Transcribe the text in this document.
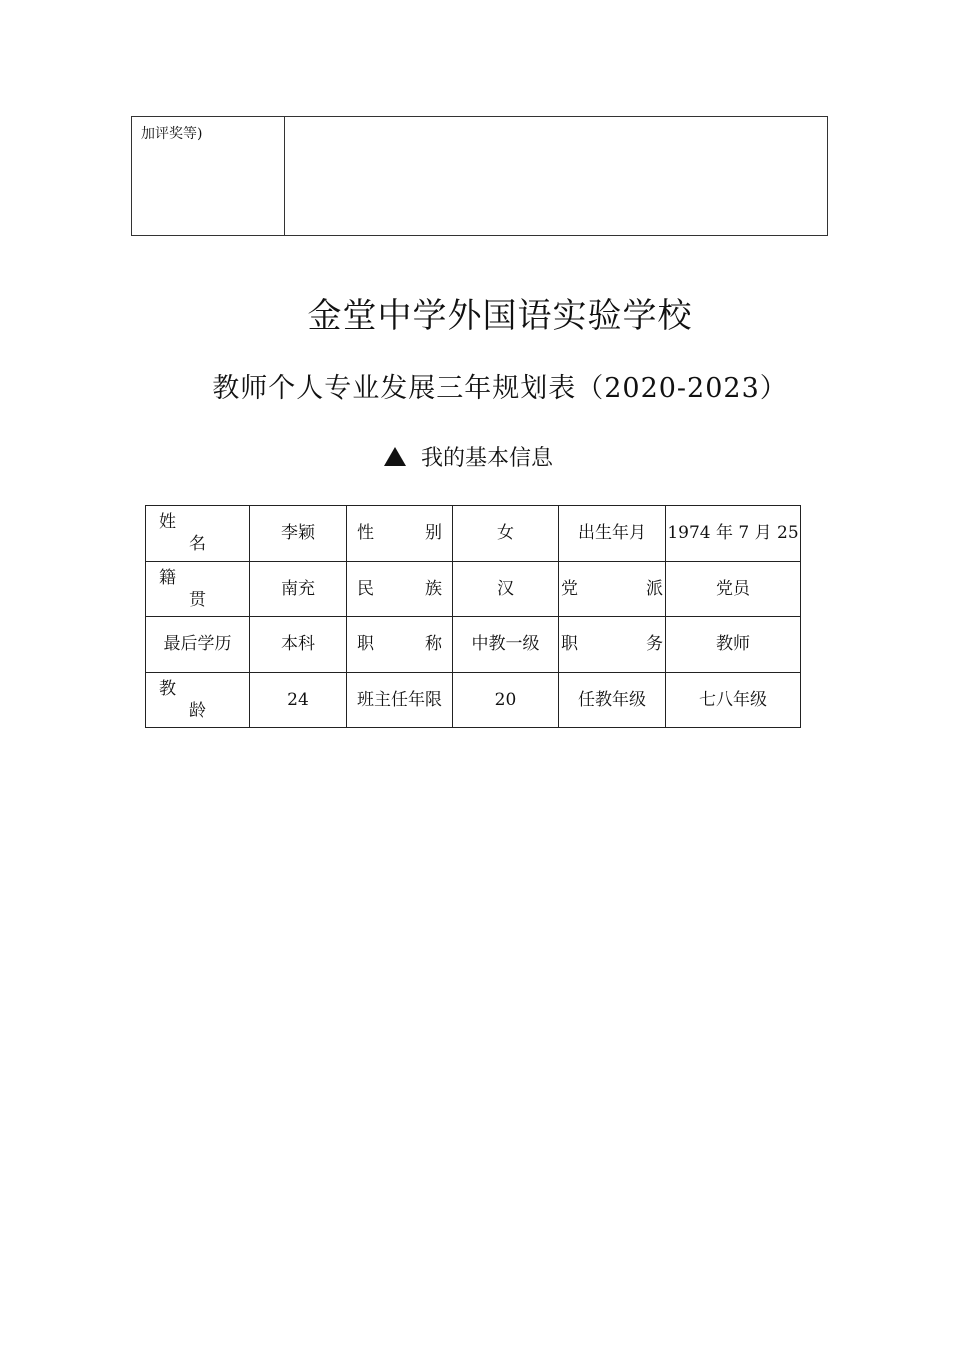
加评奖等)	
金堂中学外国语实验学校
教师个人专业发展三年规划表（2020-2023）
我的基本信息
姓
名	李颖	性 别	女	出生年月	1974 年 7 月 25

籍
贯	南充	民 族	汉	党 派	党员
最后学历	本科	职 称	中教一级	职 务	教师

教
龄	24	班主任年限	20	任教年级	七八年级
